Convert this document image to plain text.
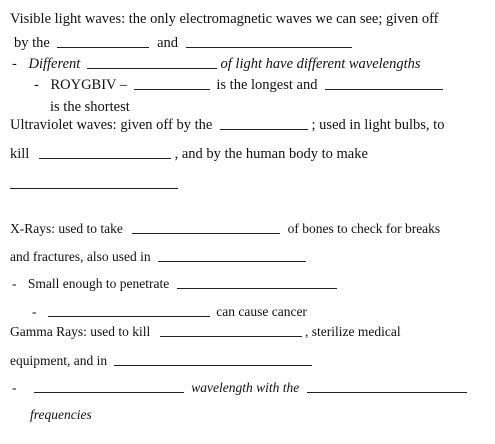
Visible light waves: the only electromagnetic waves we can see; given off
by the	and
- Different	of light have different wavelengths
- ROYGBIV –	is the longest and
is the shortest
Ultraviolet waves: given off by the	; used in light bulbs, to
kill	, and by the human body to make
X-Rays: used to take	of bones to check for breaks
and fractures, also used in
- Small enough to penetrate
-	can cause cancer
Gamma Rays: used to kill	, sterilize medical
equipment, and in
-	wavelength with the
frequencies
